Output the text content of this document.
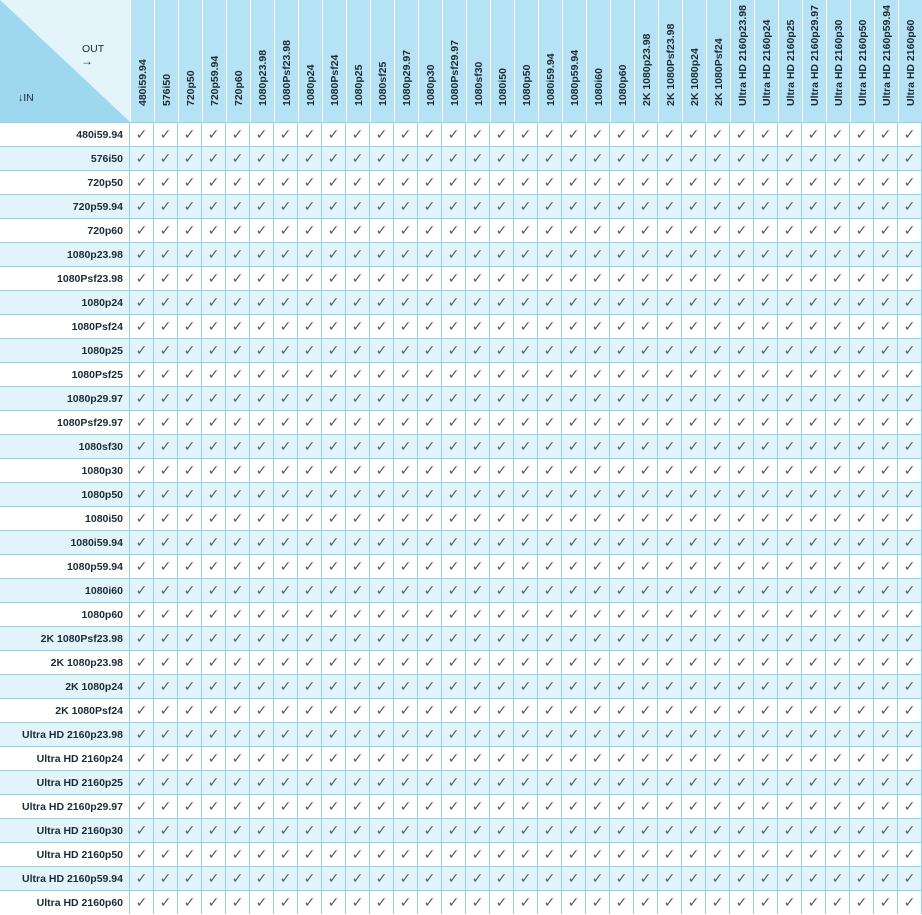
OUT
→
↓IN	480i59.94 576i50 720p50 720p59.94 720p60 1080p23.98 1080Psf23.98 1080p24 1080Psf24 1080p25 1080sf25 1080p29.97 1080p30 1080Psf29.97 1080sf30 1080i50 1080p50 1080i59.94 1080p59.94 1080i60 1080p60 2K 1080p23.98 2K 1080Psf23.98 2K 1080p24 2K 1080Psf24 Ultra HD 2160p23.98 Ultra HD 2160p24 Ultra HD 2160p25 Ultra HD 2160p29.97 Ultra HD 2160p30 Ultra HD 2160p50 Ultra HD 2160p59.94 Ultra HD 2160p60
480i59.94 ✓ ✓ ✓ ✓ ✓ ✓ ✓ ✓ ✓ ✓ ✓ ✓ ✓ ✓ ✓ ✓ ✓ ✓ ✓ ✓ ✓ ✓ ✓ ✓ ✓ ✓ ✓ ✓ ✓ ✓ ✓ ✓ ✓
576i50 ✓ ✓ ✓ ✓ ✓ ✓ ✓ ✓ ✓ ✓ ✓ ✓ ✓ ✓ ✓ ✓ ✓ ✓ ✓ ✓ ✓ ✓ ✓ ✓ ✓ ✓ ✓ ✓ ✓ ✓ ✓ ✓ ✓
720p50 ✓ ✓ ✓ ✓ ✓ ✓ ✓ ✓ ✓ ✓ ✓ ✓ ✓ ✓ ✓ ✓ ✓ ✓ ✓ ✓ ✓ ✓ ✓ ✓ ✓ ✓ ✓ ✓ ✓ ✓ ✓ ✓ ✓
720p59.94 ✓ ✓ ✓ ✓ ✓ ✓ ✓ ✓ ✓ ✓ ✓ ✓ ✓ ✓ ✓ ✓ ✓ ✓ ✓ ✓ ✓ ✓ ✓ ✓ ✓ ✓ ✓ ✓ ✓ ✓ ✓ ✓ ✓
720p60 ✓ ✓ ✓ ✓ ✓ ✓ ✓ ✓ ✓ ✓ ✓ ✓ ✓ ✓ ✓ ✓ ✓ ✓ ✓ ✓ ✓ ✓ ✓ ✓ ✓ ✓ ✓ ✓ ✓ ✓ ✓ ✓ ✓
1080p23.98 ✓ ✓ ✓ ✓ ✓ ✓ ✓ ✓ ✓ ✓ ✓ ✓ ✓ ✓ ✓ ✓ ✓ ✓ ✓ ✓ ✓ ✓ ✓ ✓ ✓ ✓ ✓ ✓ ✓ ✓ ✓ ✓ ✓
1080Psf23.98 ✓ ✓ ✓ ✓ ✓ ✓ ✓ ✓ ✓ ✓ ✓ ✓ ✓ ✓ ✓ ✓ ✓ ✓ ✓ ✓ ✓ ✓ ✓ ✓ ✓ ✓ ✓ ✓ ✓ ✓ ✓ ✓ ✓
1080p24 ✓ ✓ ✓ ✓ ✓ ✓ ✓ ✓ ✓ ✓ ✓ ✓ ✓ ✓ ✓ ✓ ✓ ✓ ✓ ✓ ✓ ✓ ✓ ✓ ✓ ✓ ✓ ✓ ✓ ✓ ✓ ✓ ✓
1080Psf24 ✓ ✓ ✓ ✓ ✓ ✓ ✓ ✓ ✓ ✓ ✓ ✓ ✓ ✓ ✓ ✓ ✓ ✓ ✓ ✓ ✓ ✓ ✓ ✓ ✓ ✓ ✓ ✓ ✓ ✓ ✓ ✓ ✓
1080p25 ✓ ✓ ✓ ✓ ✓ ✓ ✓ ✓ ✓ ✓ ✓ ✓ ✓ ✓ ✓ ✓ ✓ ✓ ✓ ✓ ✓ ✓ ✓ ✓ ✓ ✓ ✓ ✓ ✓ ✓ ✓ ✓ ✓
1080Psf25 ✓ ✓ ✓ ✓ ✓ ✓ ✓ ✓ ✓ ✓ ✓ ✓ ✓ ✓ ✓ ✓ ✓ ✓ ✓ ✓ ✓ ✓ ✓ ✓ ✓ ✓ ✓ ✓ ✓ ✓ ✓ ✓ ✓
1080p29.97 ✓ ✓ ✓ ✓ ✓ ✓ ✓ ✓ ✓ ✓ ✓ ✓ ✓ ✓ ✓ ✓ ✓ ✓ ✓ ✓ ✓ ✓ ✓ ✓ ✓ ✓ ✓ ✓ ✓ ✓ ✓ ✓ ✓
1080Psf29.97 ✓ ✓ ✓ ✓ ✓ ✓ ✓ ✓ ✓ ✓ ✓ ✓ ✓ ✓ ✓ ✓ ✓ ✓ ✓ ✓ ✓ ✓ ✓ ✓ ✓ ✓ ✓ ✓ ✓ ✓ ✓ ✓ ✓
1080sf30 ✓ ✓ ✓ ✓ ✓ ✓ ✓ ✓ ✓ ✓ ✓ ✓ ✓ ✓ ✓ ✓ ✓ ✓ ✓ ✓ ✓ ✓ ✓ ✓ ✓ ✓ ✓ ✓ ✓ ✓ ✓ ✓ ✓
1080p30 ✓ ✓ ✓ ✓ ✓ ✓ ✓ ✓ ✓ ✓ ✓ ✓ ✓ ✓ ✓ ✓ ✓ ✓ ✓ ✓ ✓ ✓ ✓ ✓ ✓ ✓ ✓ ✓ ✓ ✓ ✓ ✓ ✓
1080p50 ✓ ✓ ✓ ✓ ✓ ✓ ✓ ✓ ✓ ✓ ✓ ✓ ✓ ✓ ✓ ✓ ✓ ✓ ✓ ✓ ✓ ✓ ✓ ✓ ✓ ✓ ✓ ✓ ✓ ✓ ✓ ✓ ✓
1080i50 ✓ ✓ ✓ ✓ ✓ ✓ ✓ ✓ ✓ ✓ ✓ ✓ ✓ ✓ ✓ ✓ ✓ ✓ ✓ ✓ ✓ ✓ ✓ ✓ ✓ ✓ ✓ ✓ ✓ ✓ ✓ ✓ ✓
1080i59.94 ✓ ✓ ✓ ✓ ✓ ✓ ✓ ✓ ✓ ✓ ✓ ✓ ✓ ✓ ✓ ✓ ✓ ✓ ✓ ✓ ✓ ✓ ✓ ✓ ✓ ✓ ✓ ✓ ✓ ✓ ✓ ✓ ✓
1080p59.94 ✓ ✓ ✓ ✓ ✓ ✓ ✓ ✓ ✓ ✓ ✓ ✓ ✓ ✓ ✓ ✓ ✓ ✓ ✓ ✓ ✓ ✓ ✓ ✓ ✓ ✓ ✓ ✓ ✓ ✓ ✓ ✓ ✓
1080i60 ✓ ✓ ✓ ✓ ✓ ✓ ✓ ✓ ✓ ✓ ✓ ✓ ✓ ✓ ✓ ✓ ✓ ✓ ✓ ✓ ✓ ✓ ✓ ✓ ✓ ✓ ✓ ✓ ✓ ✓ ✓ ✓ ✓
1080p60 ✓ ✓ ✓ ✓ ✓ ✓ ✓ ✓ ✓ ✓ ✓ ✓ ✓ ✓ ✓ ✓ ✓ ✓ ✓ ✓ ✓ ✓ ✓ ✓ ✓ ✓ ✓ ✓ ✓ ✓ ✓ ✓ ✓
2K 1080Psf23.98 ✓ ✓ ✓ ✓ ✓ ✓ ✓ ✓ ✓ ✓ ✓ ✓ ✓ ✓ ✓ ✓ ✓ ✓ ✓ ✓ ✓ ✓ ✓ ✓ ✓ ✓ ✓ ✓ ✓ ✓ ✓ ✓ ✓
2K 1080p23.98 ✓ ✓ ✓ ✓ ✓ ✓ ✓ ✓ ✓ ✓ ✓ ✓ ✓ ✓ ✓ ✓ ✓ ✓ ✓ ✓ ✓ ✓ ✓ ✓ ✓ ✓ ✓ ✓ ✓ ✓ ✓ ✓ ✓
2K 1080p24 ✓ ✓ ✓ ✓ ✓ ✓ ✓ ✓ ✓ ✓ ✓ ✓ ✓ ✓ ✓ ✓ ✓ ✓ ✓ ✓ ✓ ✓ ✓ ✓ ✓ ✓ ✓ ✓ ✓ ✓ ✓ ✓ ✓
2K 1080Psf24 ✓ ✓ ✓ ✓ ✓ ✓ ✓ ✓ ✓ ✓ ✓ ✓ ✓ ✓ ✓ ✓ ✓ ✓ ✓ ✓ ✓ ✓ ✓ ✓ ✓ ✓ ✓ ✓ ✓ ✓ ✓ ✓ ✓
Ultra HD 2160p23.98 ✓ ✓ ✓ ✓ ✓ ✓ ✓ ✓ ✓ ✓ ✓ ✓ ✓ ✓ ✓ ✓ ✓ ✓ ✓ ✓ ✓ ✓ ✓ ✓ ✓ ✓ ✓ ✓ ✓ ✓ ✓ ✓ ✓
Ultra HD 2160p24 ✓ ✓ ✓ ✓ ✓ ✓ ✓ ✓ ✓ ✓ ✓ ✓ ✓ ✓ ✓ ✓ ✓ ✓ ✓ ✓ ✓ ✓ ✓ ✓ ✓ ✓ ✓ ✓ ✓ ✓ ✓ ✓ ✓
Ultra HD 2160p25 ✓ ✓ ✓ ✓ ✓ ✓ ✓ ✓ ✓ ✓ ✓ ✓ ✓ ✓ ✓ ✓ ✓ ✓ ✓ ✓ ✓ ✓ ✓ ✓ ✓ ✓ ✓ ✓ ✓ ✓ ✓ ✓ ✓
Ultra HD 2160p29.97 ✓ ✓ ✓ ✓ ✓ ✓ ✓ ✓ ✓ ✓ ✓ ✓ ✓ ✓ ✓ ✓ ✓ ✓ ✓ ✓ ✓ ✓ ✓ ✓ ✓ ✓ ✓ ✓ ✓ ✓ ✓ ✓ ✓
Ultra HD 2160p30 ✓ ✓ ✓ ✓ ✓ ✓ ✓ ✓ ✓ ✓ ✓ ✓ ✓ ✓ ✓ ✓ ✓ ✓ ✓ ✓ ✓ ✓ ✓ ✓ ✓ ✓ ✓ ✓ ✓ ✓ ✓ ✓ ✓
Ultra HD 2160p50 ✓ ✓ ✓ ✓ ✓ ✓ ✓ ✓ ✓ ✓ ✓ ✓ ✓ ✓ ✓ ✓ ✓ ✓ ✓ ✓ ✓ ✓ ✓ ✓ ✓ ✓ ✓ ✓ ✓ ✓ ✓ ✓ ✓
Ultra HD 2160p59.94 ✓ ✓ ✓ ✓ ✓ ✓ ✓ ✓ ✓ ✓ ✓ ✓ ✓ ✓ ✓ ✓ ✓ ✓ ✓ ✓ ✓ ✓ ✓ ✓ ✓ ✓ ✓ ✓ ✓ ✓ ✓ ✓ ✓
Ultra HD 2160p60 ✓ ✓ ✓ ✓ ✓ ✓ ✓ ✓ ✓ ✓ ✓ ✓ ✓ ✓ ✓ ✓ ✓ ✓ ✓ ✓ ✓ ✓ ✓ ✓ ✓ ✓ ✓ ✓ ✓ ✓ ✓ ✓ ✓
